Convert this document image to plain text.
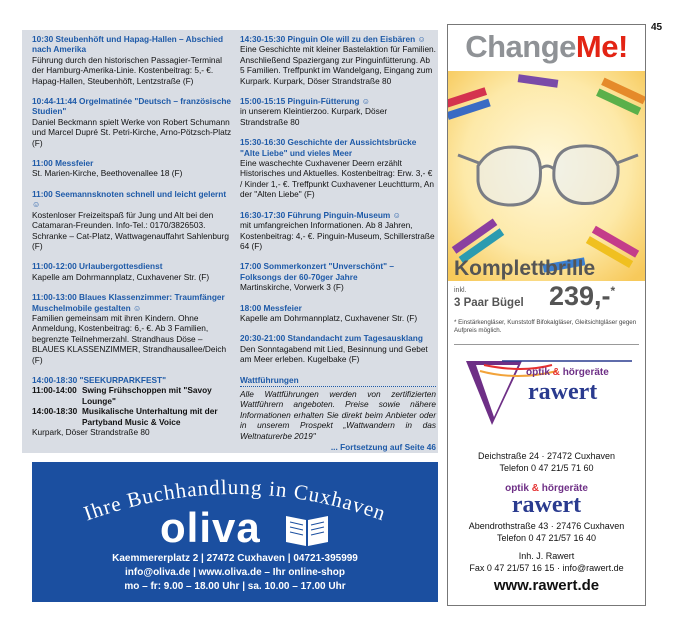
45
10:30 Steubenhöft und Hapag-Hallen – Abschied nach Amerika
Führung durch den historischen Passagier-Terminal der Hamburg-Amerika-Linie. Kostenbeitrag: 5,- €. Hapag-Hallen, Steubenhöft, Lentzstraße (F)
10:44-11:44 Orgelmatinée "Deutsch – französische Studien"
Daniel Beckmann spielt Werke von Robert Schumann und Marcel Dupré St. Petri-Kirche, Arno-Pötzsch-Platz (F)
11:00 Messfeier
St. Marien-Kirche, Beethovenallee 18 (F)
11:00 Seemannsknoten schnell und leicht gelernt ☺
Kostenloser Freizeitspaß für Jung und Alt bei den Catamaran-Freunden. Info-Tel.: 0170/3826503. Schranke – Cat-Platz, Wattwagenauffahrt Sahlenburg (F)
11:00-12:00 Urlaubergottesdienst
Kapelle am Dohrmannplatz, Cuxhavener Str. (F)
11:00-13:00 Blaues Klassenzimmer: Traumfänger Muschelmobile gestalten ☺
Familien gemeinsam mit ihren Kindern. Ohne Anmeldung, Kostenbeitrag: 6,- €. Ab 3 Familien, begrenzte Teilnehmerzahl. Strandhaus Döse – BLAUES KLASSENZIMMER, Strandhausallee/Deich (F)
14:00-18:30 "SEEKURPARKFEST"
11:00-14:00 Swing Frühschoppen mit "Savoy Lounge"
14:00-18:30 Musikalische Unterhaltung mit der Partyband Music & Voice
Kurpark, Döser Strandstraße 80
14:30-15:30 Pinguin Ole will zu den Eisbären ☺
Eine Geschichte mit kleiner Bastelaktion für Familien. Anschließend Spaziergang zur Pinguinfütterung. Ab 5 Familien. Treffpunkt im Wandelgang, Eingang zum Kurpark. Kurpark, Döser Strandstraße 80
15:00-15:15 Pinguin-Fütterung ☺
in unserem Kleintierzoo. Kurpark, Döser Strandstraße 80
15:30-16:30 Geschichte der Aussichtsbrücke "Alte Liebe" und vieles Meer
Eine waschechte Cuxhavener Deern erzählt Historisches und Aktuelles. Kostenbeitrag: Erw. 3,- € / Kinder 1,- €. Treffpunkt Cuxhavener Leuchtturm, An der "Alten Liebe" (F)
16:30-17:30 Führung Pinguin-Museum ☺
mit umfangreichen Informationen. Ab 8 Jahren, Kostenbeitrag: 4,- €. Pinguin-Museum, Schillerstraße 64 (F)
17:00 Sommerkonzert "Unverschönt" – Folksongs der 60-70ger Jahre
Martinskirche, Vorwerk 3 (F)
18:00 Messfeier
Kapelle am Dohrmannplatz, Cuxhavener Str. (F)
20:30-21:00 Standandacht zum Tagesausklang
Den Sonntagabend mit Lied, Besinnung und Gebet am Meer erleben. Kugelbake (F)
Wattführungen
Alle Wattführungen werden von zertifizierten Wattführern angeboten. Preise sowie nähere Informationen erhalten Sie direkt beim Anbieter oder in unserem Prospekt „Wattwandern in das Weltnaturerbe 2019"
... Fortsetzung auf Seite 46
Ihre Buchhandlung in Cuxhaven
oliva
Kaemmererplatz 2 | 27472 Cuxhaven | 04721-395999
info@oliva.de | www.oliva.de – Ihr online-shop
mo – fr: 9.00 – 18.00 Uhr | sa. 10.00 – 17.00 Uhr
ChangeMe!
Komplettbrille
inkl.
3 Paar Bügel 239,-*
* Einstärkengläser, Kunststoff Bifokalgläser, Gleitsichtgläser gegen Aufpreis möglich.
optik & hörgeräte
rawert
Deichstraße 24 · 27472 Cuxhaven
Telefon 0 47 21/5 71 60
optik & hörgeräte
rawert
Abendrothstraße 43 · 27476 Cuxhaven
Telefon 0 47 21/57 16 40
Inh. J. Rawert
Fax 0 47 21/57 16 15 · info@rawert.de
www.rawert.de
